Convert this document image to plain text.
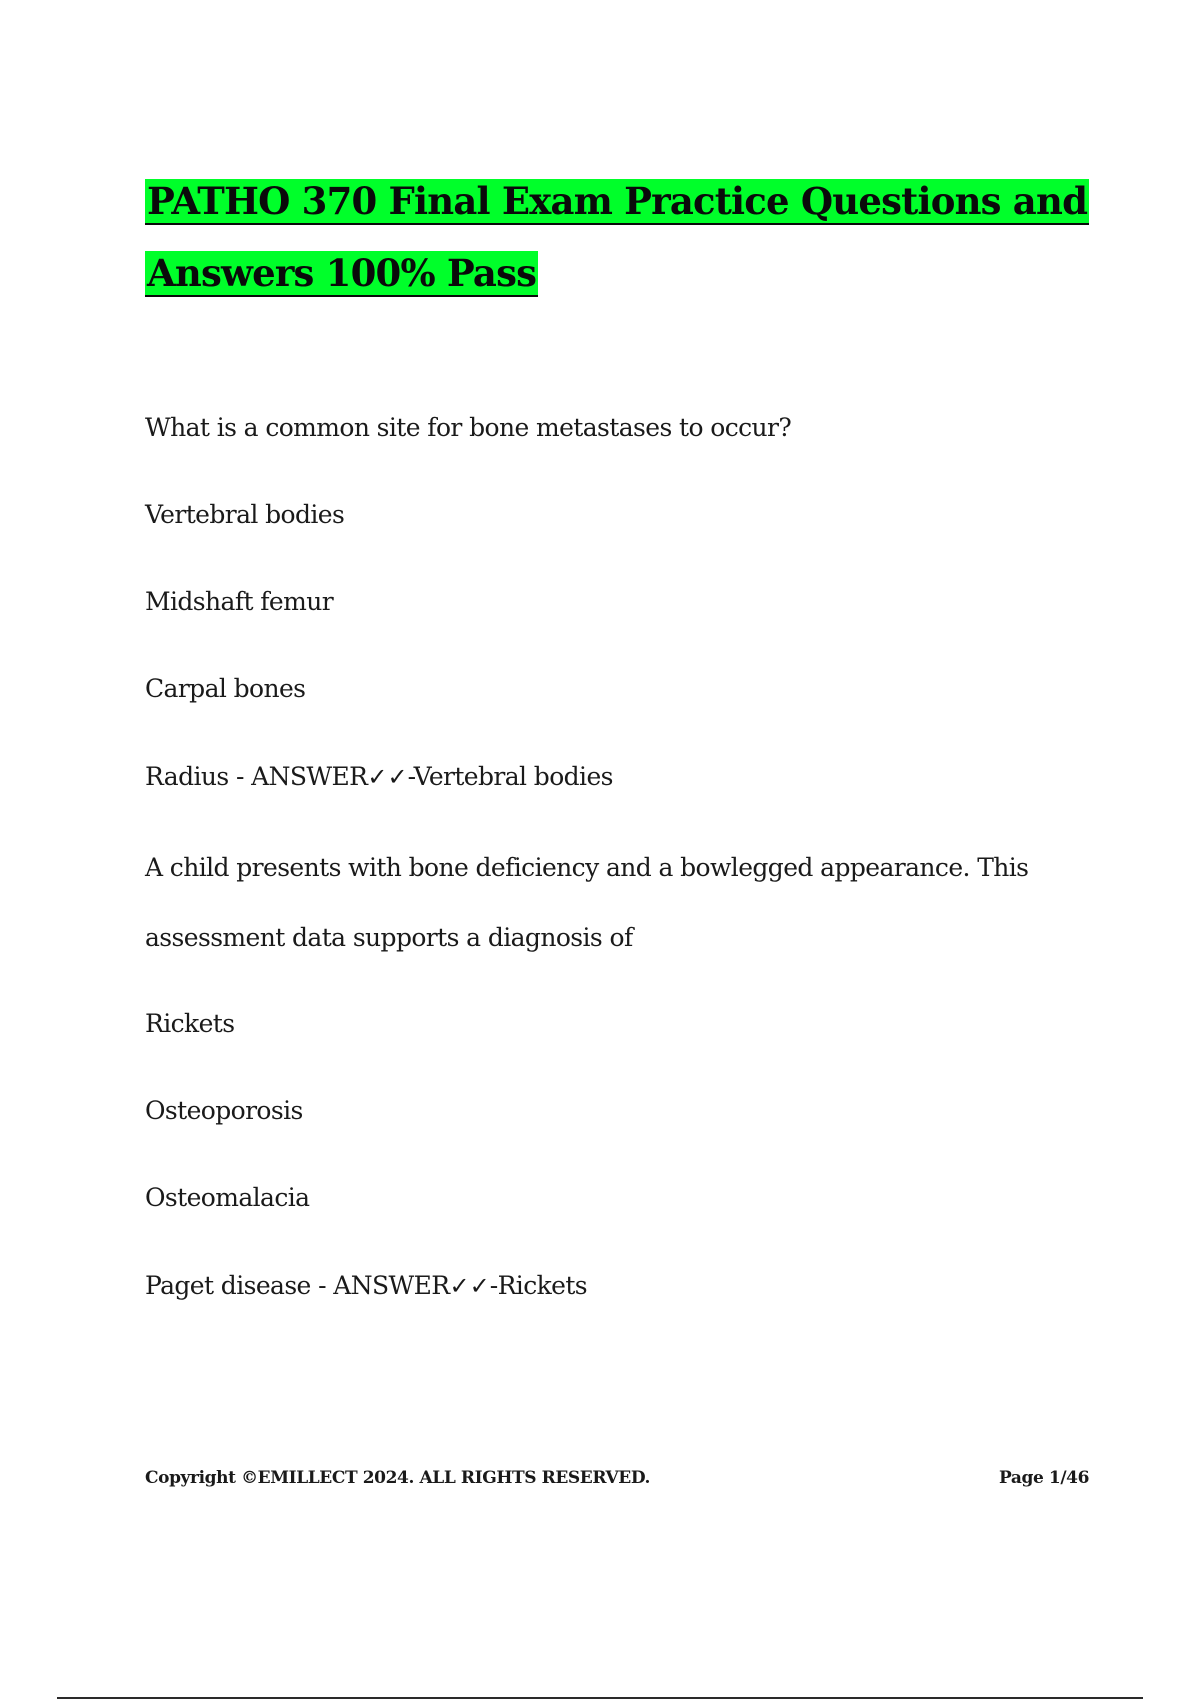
PATHO 370 Final Exam Practice Questions and
Answers 100% Pass
What is a common site for bone metastases to occur?
Vertebral bodies
Midshaft femur
Carpal bones
Radius - ANSWER✓✓-Vertebral bodies
A child presents with bone deficiency and a bowlegged appearance. This assessment data supports a diagnosis of
Rickets
Osteoporosis
Osteomalacia
Paget disease - ANSWER✓✓-Rickets
Copyright ©EMILLECT 2024. ALL RIGHTS RESERVED.	Page 1/46
